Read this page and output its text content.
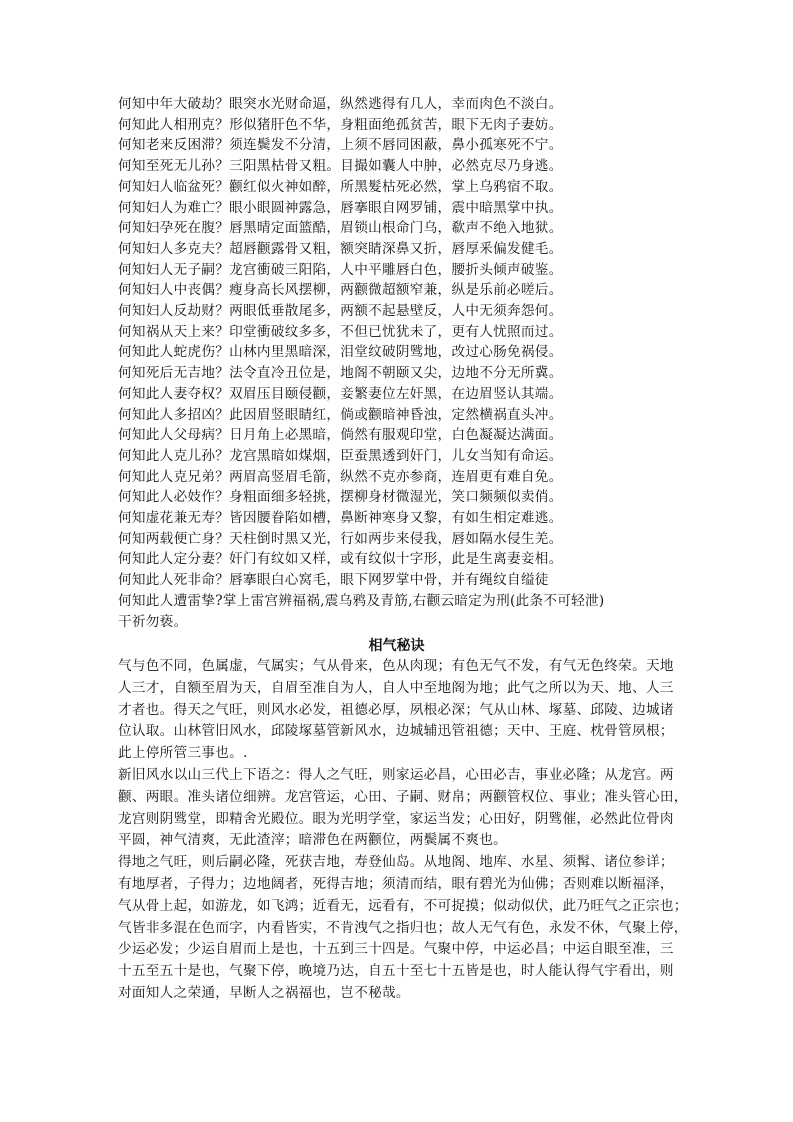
何知中年大破劫？眼突水光财命逼，纵然逃得有几人，幸而肉色不淡白。
何知此人相刑克？形似猪肝色不华，身粗面绝孤贫苦，眼下无肉子妻妨。
何知老来反困滞？须连鬓发不分清，上须不唇同困蔽，鼻小孤寒死不宁。
何知至死无儿孙？三阳黑枯骨又粗。目撮如囊人中肿，必然克尽乃身逃。
何知妇人临盆死？颧红似火神如醉，所黑髮枯死必然，掌上乌鸦宿不取。
何知妇人为难亡？眼小眼圆神露急，唇搴眼自网罗铺，震中暗黑掌中执。
何知妇孕死在腹？唇黑晴定面篮酷，眉锁山根命门乌，欷声不绝入地狱。
何知妇人多克夫？超唇颧露骨又粗，额突睛深鼻又折，唇厚釆偏发健毛。
何知妇人无子嗣？龙宫衝破三阳陷，人中平雕唇白色，腰折头倾声破鉴。
何知妇人中丧偶？瘦身高长风摆柳，两颧微超额窄兼，纵是乐前必嗟后。
何知妇人反劫财？两眼低垂散尾多，两额不起悬壁反，人中无须奔怨何。
何知祸从天上来？印堂衝破纹多多，不但已忧犹未了，更有人忧照而过。
何知此人蛇虎伤？山林内里黑暗深，泪堂纹破阴骘地，改过心肠免祸侵。
何知死后无吉地？法令直冷丑位是，地阁不朝颐又尖，边地不分无所冀。
何知此人妻夺权？双眉压目颐侵颧，妾繁妻位左奸黑，在边眉竖认其端。
何知此人多招凶？此因眉竖眼睛红，倘或颧暗神昏浊，定然横祸直头冲。
何知此人父母病？日月角上必黑暗，倘然有服观印堂，白色凝凝达满面。
何知此人克儿孙？龙宫黑暗如煤烟，臣蚕黑透到奸门，儿女当知有命运。
何知此人克兄弟？两眉高竖眉毛箭，纵然不克亦参商，连眉更有难自免。
何知此人必妓作？身粗面细多轻挑，摆柳身材微湿光，笑口频频似卖俏。
何知虚花兼无寿？皆因腰眷陷如槽，鼻断神寒身又黎，有如生相定难逃。
何知两载便亡身？天柱倒时黑又光，行如两步来侵我，唇如隔水侵生羌。
何知此人定分妻？奸门有纹如又样，或有纹似十字形，此是生离妻妾相。
何知此人死非命？唇搴眼白心窝毛，眼下网罗掌中骨，并有绳纹自缢徒
何知此人遭雷挚?掌上雷宫辨福祸,震乌鸦及青筋,右颧云暗定为刑(此条不可轻泄)
干祈勿亵。
相气秘诀
气与色不同，色属虚，气属实；气从骨来，色从肉现；有色无气不发，有气无色终荣。天地
人三才，自额至眉为天，自眉至准自为人，自人中至地阁为地；此气之所以为天、地、人三
才者也。得天之气旺，则风水必发，祖德必厚，夙根必深；气从山林、塚墓、邱陵、边城诸
位认取。山林管旧风水，邱陵塚墓管新风水，边城辅迅管祖德；天中、王庭、枕骨管夙根；
此上停所管三事也。.
新旧风水以山三代上下语之：得人之气旺，则家运必昌，心田必吉，事业必隆；从龙宫。两
颧、两眼。准头诸位细辨。龙宫管运，心田、子嗣、财帛；两颧管权位、事业；准头管心田，
龙宫则阴骘堂，即精舍光殿位。眼为光明学堂，家运当发；心田好，阴骘催，必然此位骨肉
平圆，神气清爽，无此渣滓；暗滞色在两颧位，两鬓属不爽也。
得地之气旺，则后嗣必隆，死获吉地，寿登仙岛。从地阁、地库、水星、须髯、诸位参详；
有地厚者，子得力；边地阔者，死得吉地；须清而结，眼有碧光为仙佛；否则难以断福泽，
气从骨上起，如游龙，如飞鸿；近看无，远看有，不可捉摸；似动似伏，此乃旺气之正宗也；
气皆非多混在色而字，内看皆实，不肯洩气之指归也；故人无气有色，永发不休，气聚上停，
少运必发；少运自眉而上是也，十五到三十四是。气聚中停，中运必昌；中运自眼至准，三
十五至五十是也，气聚下停，晚境乃达，自五十至七十五皆是也，时人能认得气宇看出，则
对面知人之荣通，早断人之祸福也，岂不秘哉。
